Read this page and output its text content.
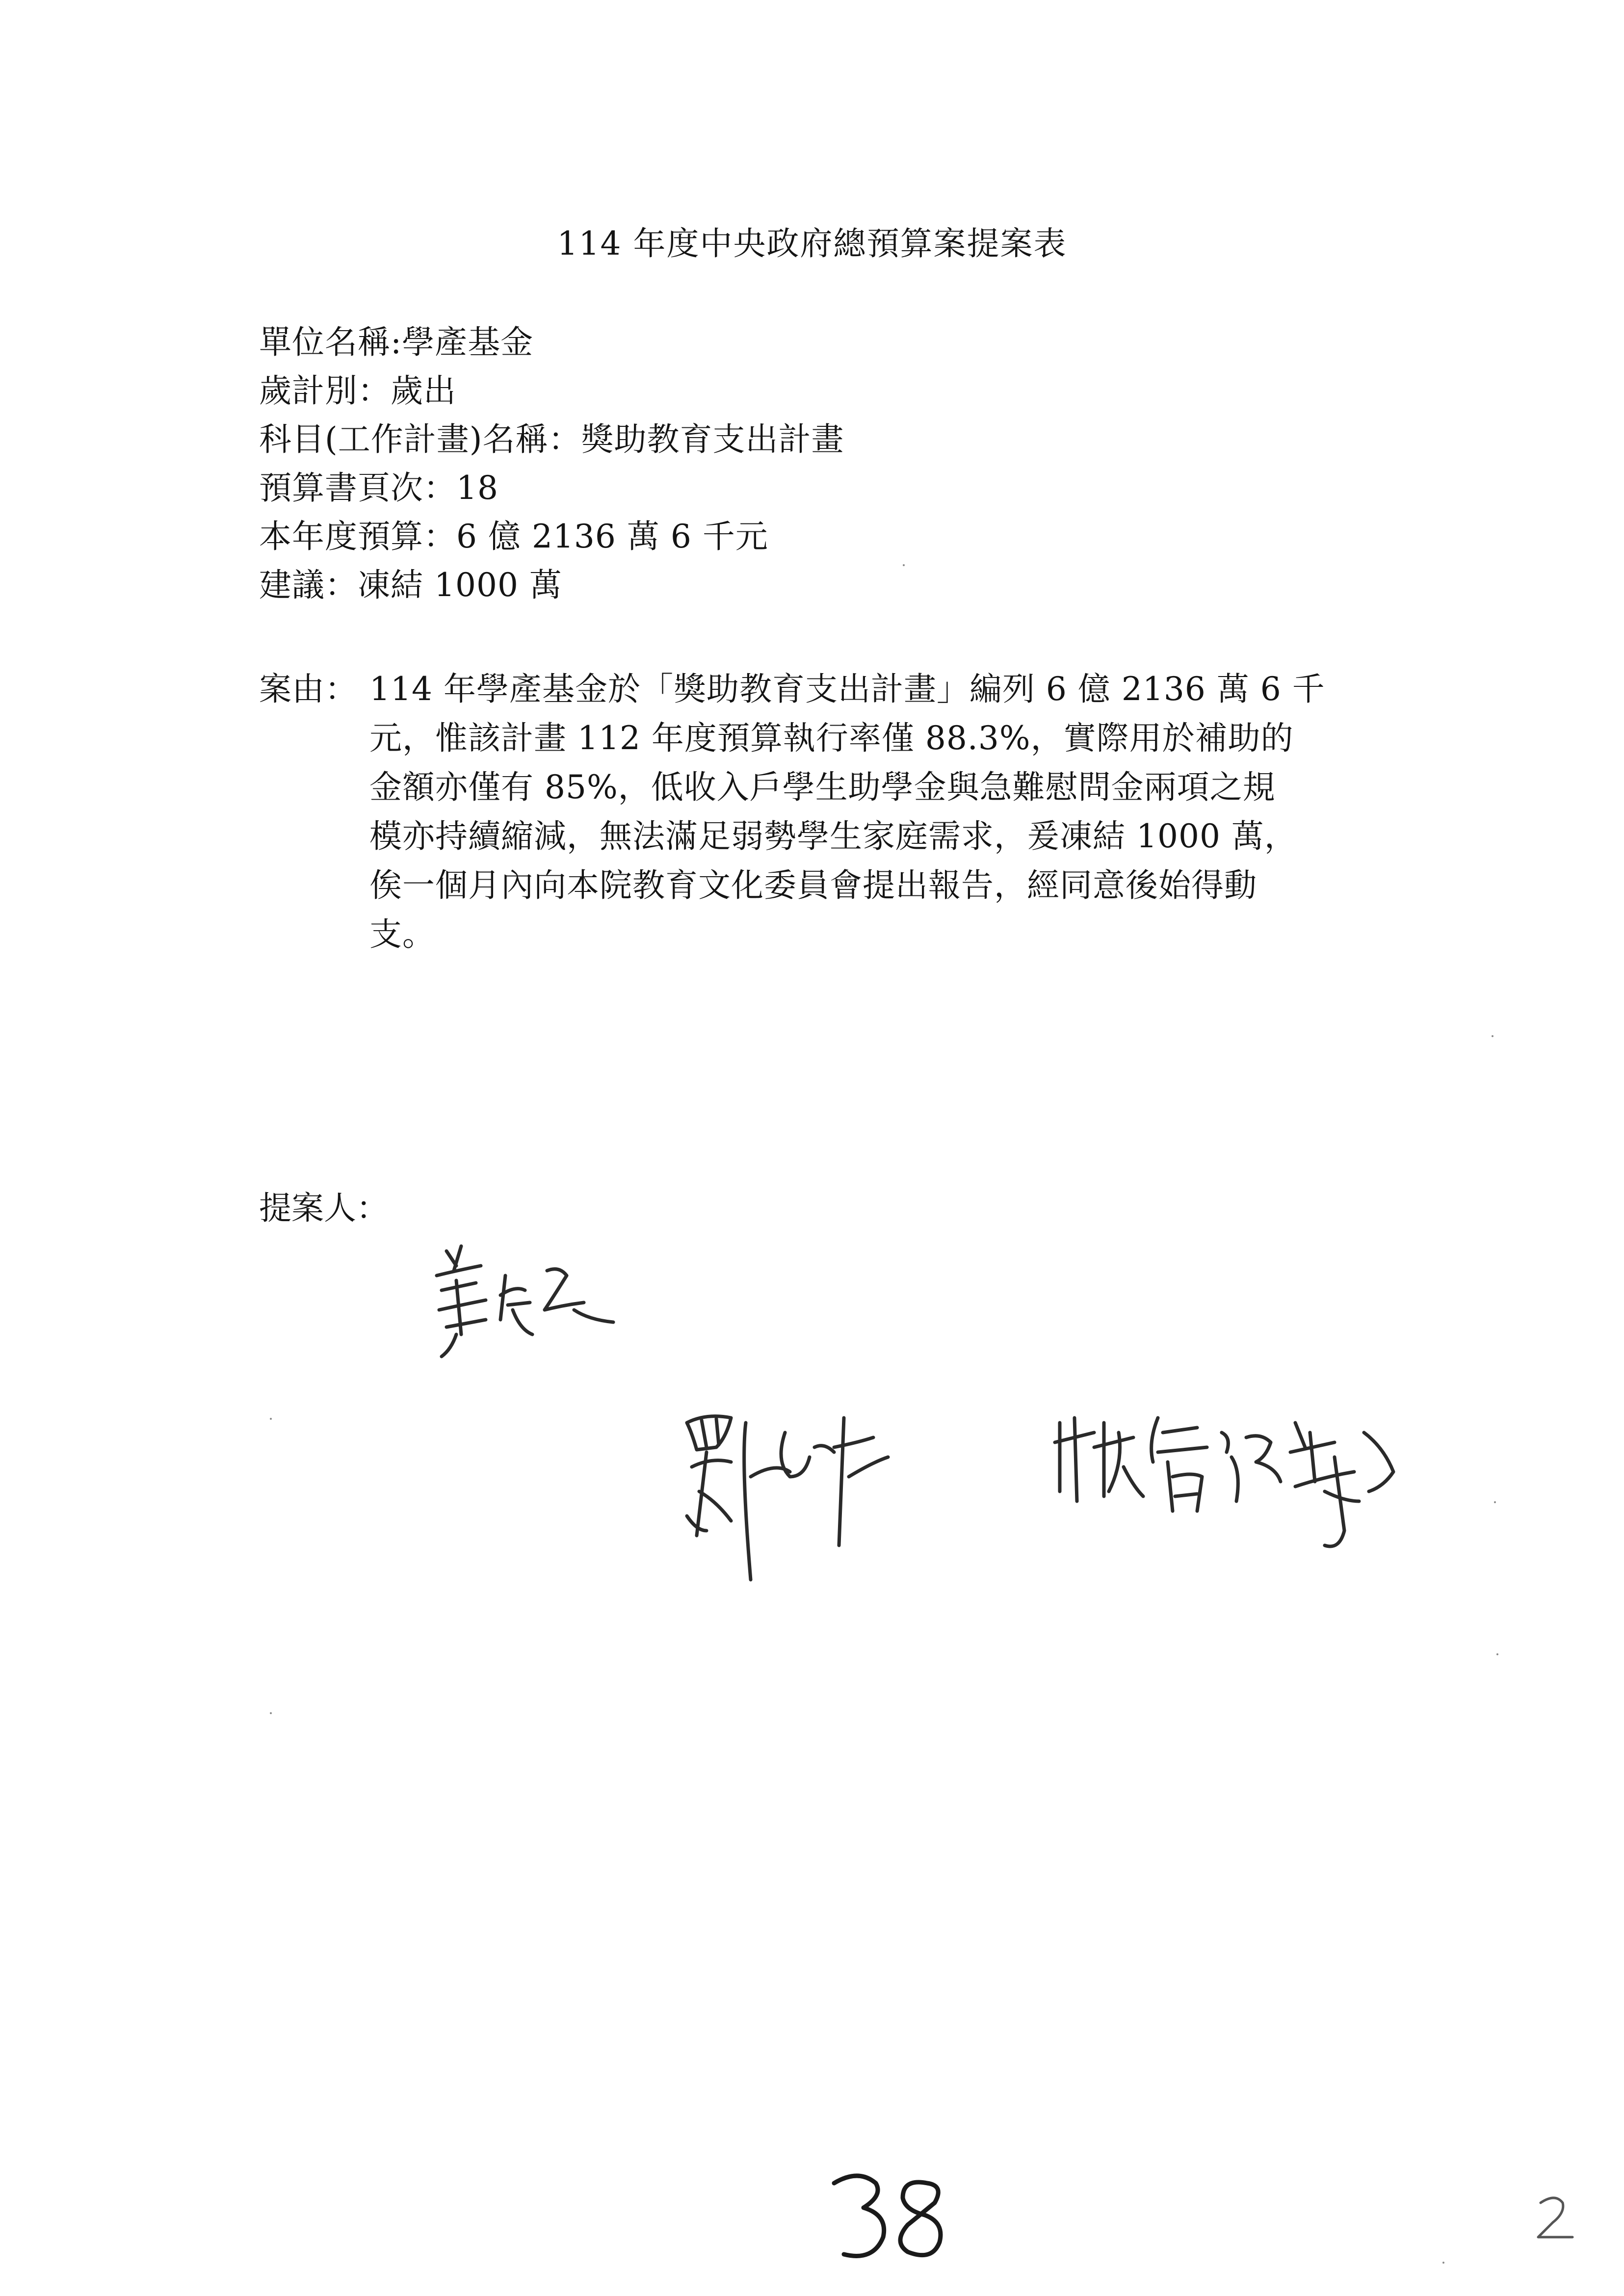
114 年度中央政府總預算案提案表
單位名稱:學產基金
歲計別：歲出
科目(工作計畫)名稱：獎助教育支出計畫
預算書頁次：18
本年度預算：6 億 2136 萬 6 千元
建議：凍結 1000 萬
案由： 114 年學產基金於「獎助教育支出計畫」編列 6 億 2136 萬 6 千
元，惟該計畫 112 年度預算執行率僅 88.3%，實際用於補助的
金額亦僅有 85%，低收入戶學生助學金與急難慰問金兩項之規
模亦持續縮減，無法滿足弱勢學生家庭需求，爰凍結 1000 萬，
俟一個月內向本院教育文化委員會提出報告，經同意後始得動
支。

提案人：
